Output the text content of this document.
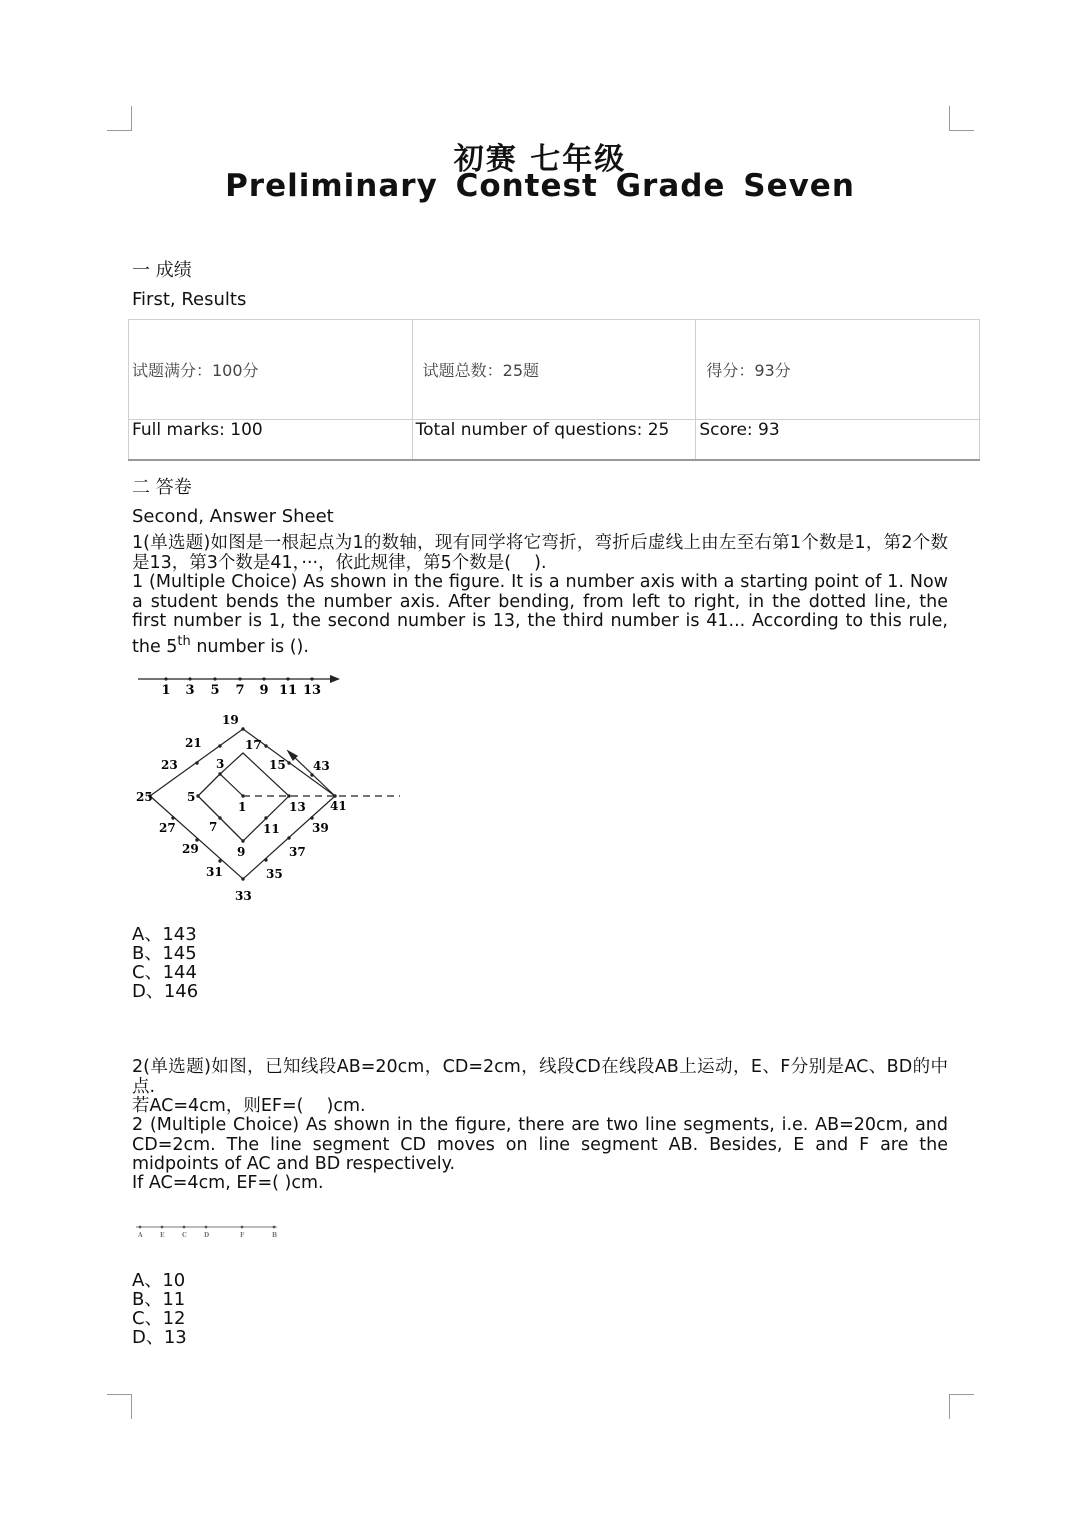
初赛 七年级
Preliminary Contest Grade Seven
一 成绩
First, Results
试题满分：100分	试题总数：25题	得分：93分
Full marks: 100	Total number of questions: 25	Score: 93
二 答卷
Second, Answer Sheet
1(单选题)如图是一根起点为1的数轴，现有同学将它弯折，弯折后虚线上由左至右第1个数是1，第2个数是13，第3个数是41，···，依此规律，第5个数是(　 ).
1 (Multiple Choice) As shown in the figure. It is a number axis with a starting point of 1. Now a student bends the number axis. After bending, from left to right, in the dotted line, the first number is 1, the second number is 13, the third number is 41... According to this rule, the 5th number is ().
1 3 5 7 9 11 13
19
21	17
23	3	15 43
25	5
1	13 41
27	7	11	39
29	9	37
31	35
33
A、143
B、145
C、144
D、146
2(单选题)如图，已知线段AB=20cm，CD=2cm，线段CD在线段AB上运动，E、F分别是AC、BD的中点.
若AC=4cm，则EF=(　 )cm.
2 (Multiple Choice) As shown in the figure, there are two line segments, i.e. AB=20cm, and CD=2cm. The line segment CD moves on line segment AB. Besides, E and F are the midpoints of AC and BD respectively.
If AC=4cm, EF=( )cm.
A	E	C	D	F	B
A、10
B、11
C、12
D、13
